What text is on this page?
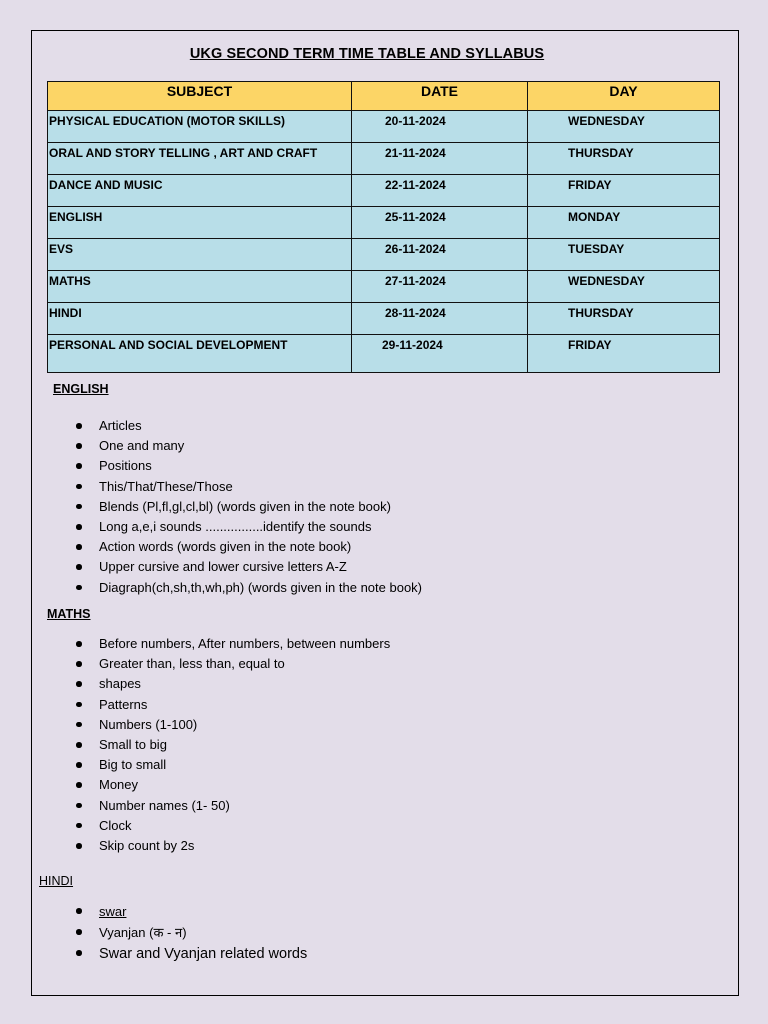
UKG SECOND TERM TIME TABLE AND SYLLABUS
SUBJECT	DATE	DAY
PHYSICAL EDUCATION (MOTOR SKILLS)	20-11-2024	WEDNESDAY
ORAL AND STORY TELLING , ART AND CRAFT	21-11-2024	THURSDAY
DANCE AND MUSIC	22-11-2024	FRIDAY
ENGLISH	25-11-2024	MONDAY
EVS	26-11-2024	TUESDAY
MATHS	27-11-2024	WEDNESDAY
HINDI	28-11-2024	THURSDAY
PERSONAL AND SOCIAL DEVELOPMENT	29-11-2024	FRIDAY
ENGLISH
Articles
One and many
Positions
This/That/These/Those
Blends (Pl,fl,gl,cl,bl) (words given in the note book)
Long a,e,i sounds ................identify the sounds
Action words (words given in the note book)
Upper cursive and lower cursive letters A-Z
Diagraph(ch,sh,th,wh,ph) (words given in the note book)
MATHS
Before numbers, After numbers, between numbers
Greater than, less than, equal to
shapes
Patterns
Numbers (1-100)
Small to big
Big to small
Money
Number names (1- 50)
Clock
Skip count by 2s
HINDI
swar
Vyanjan (क - न)
Swar and Vyanjan related words
